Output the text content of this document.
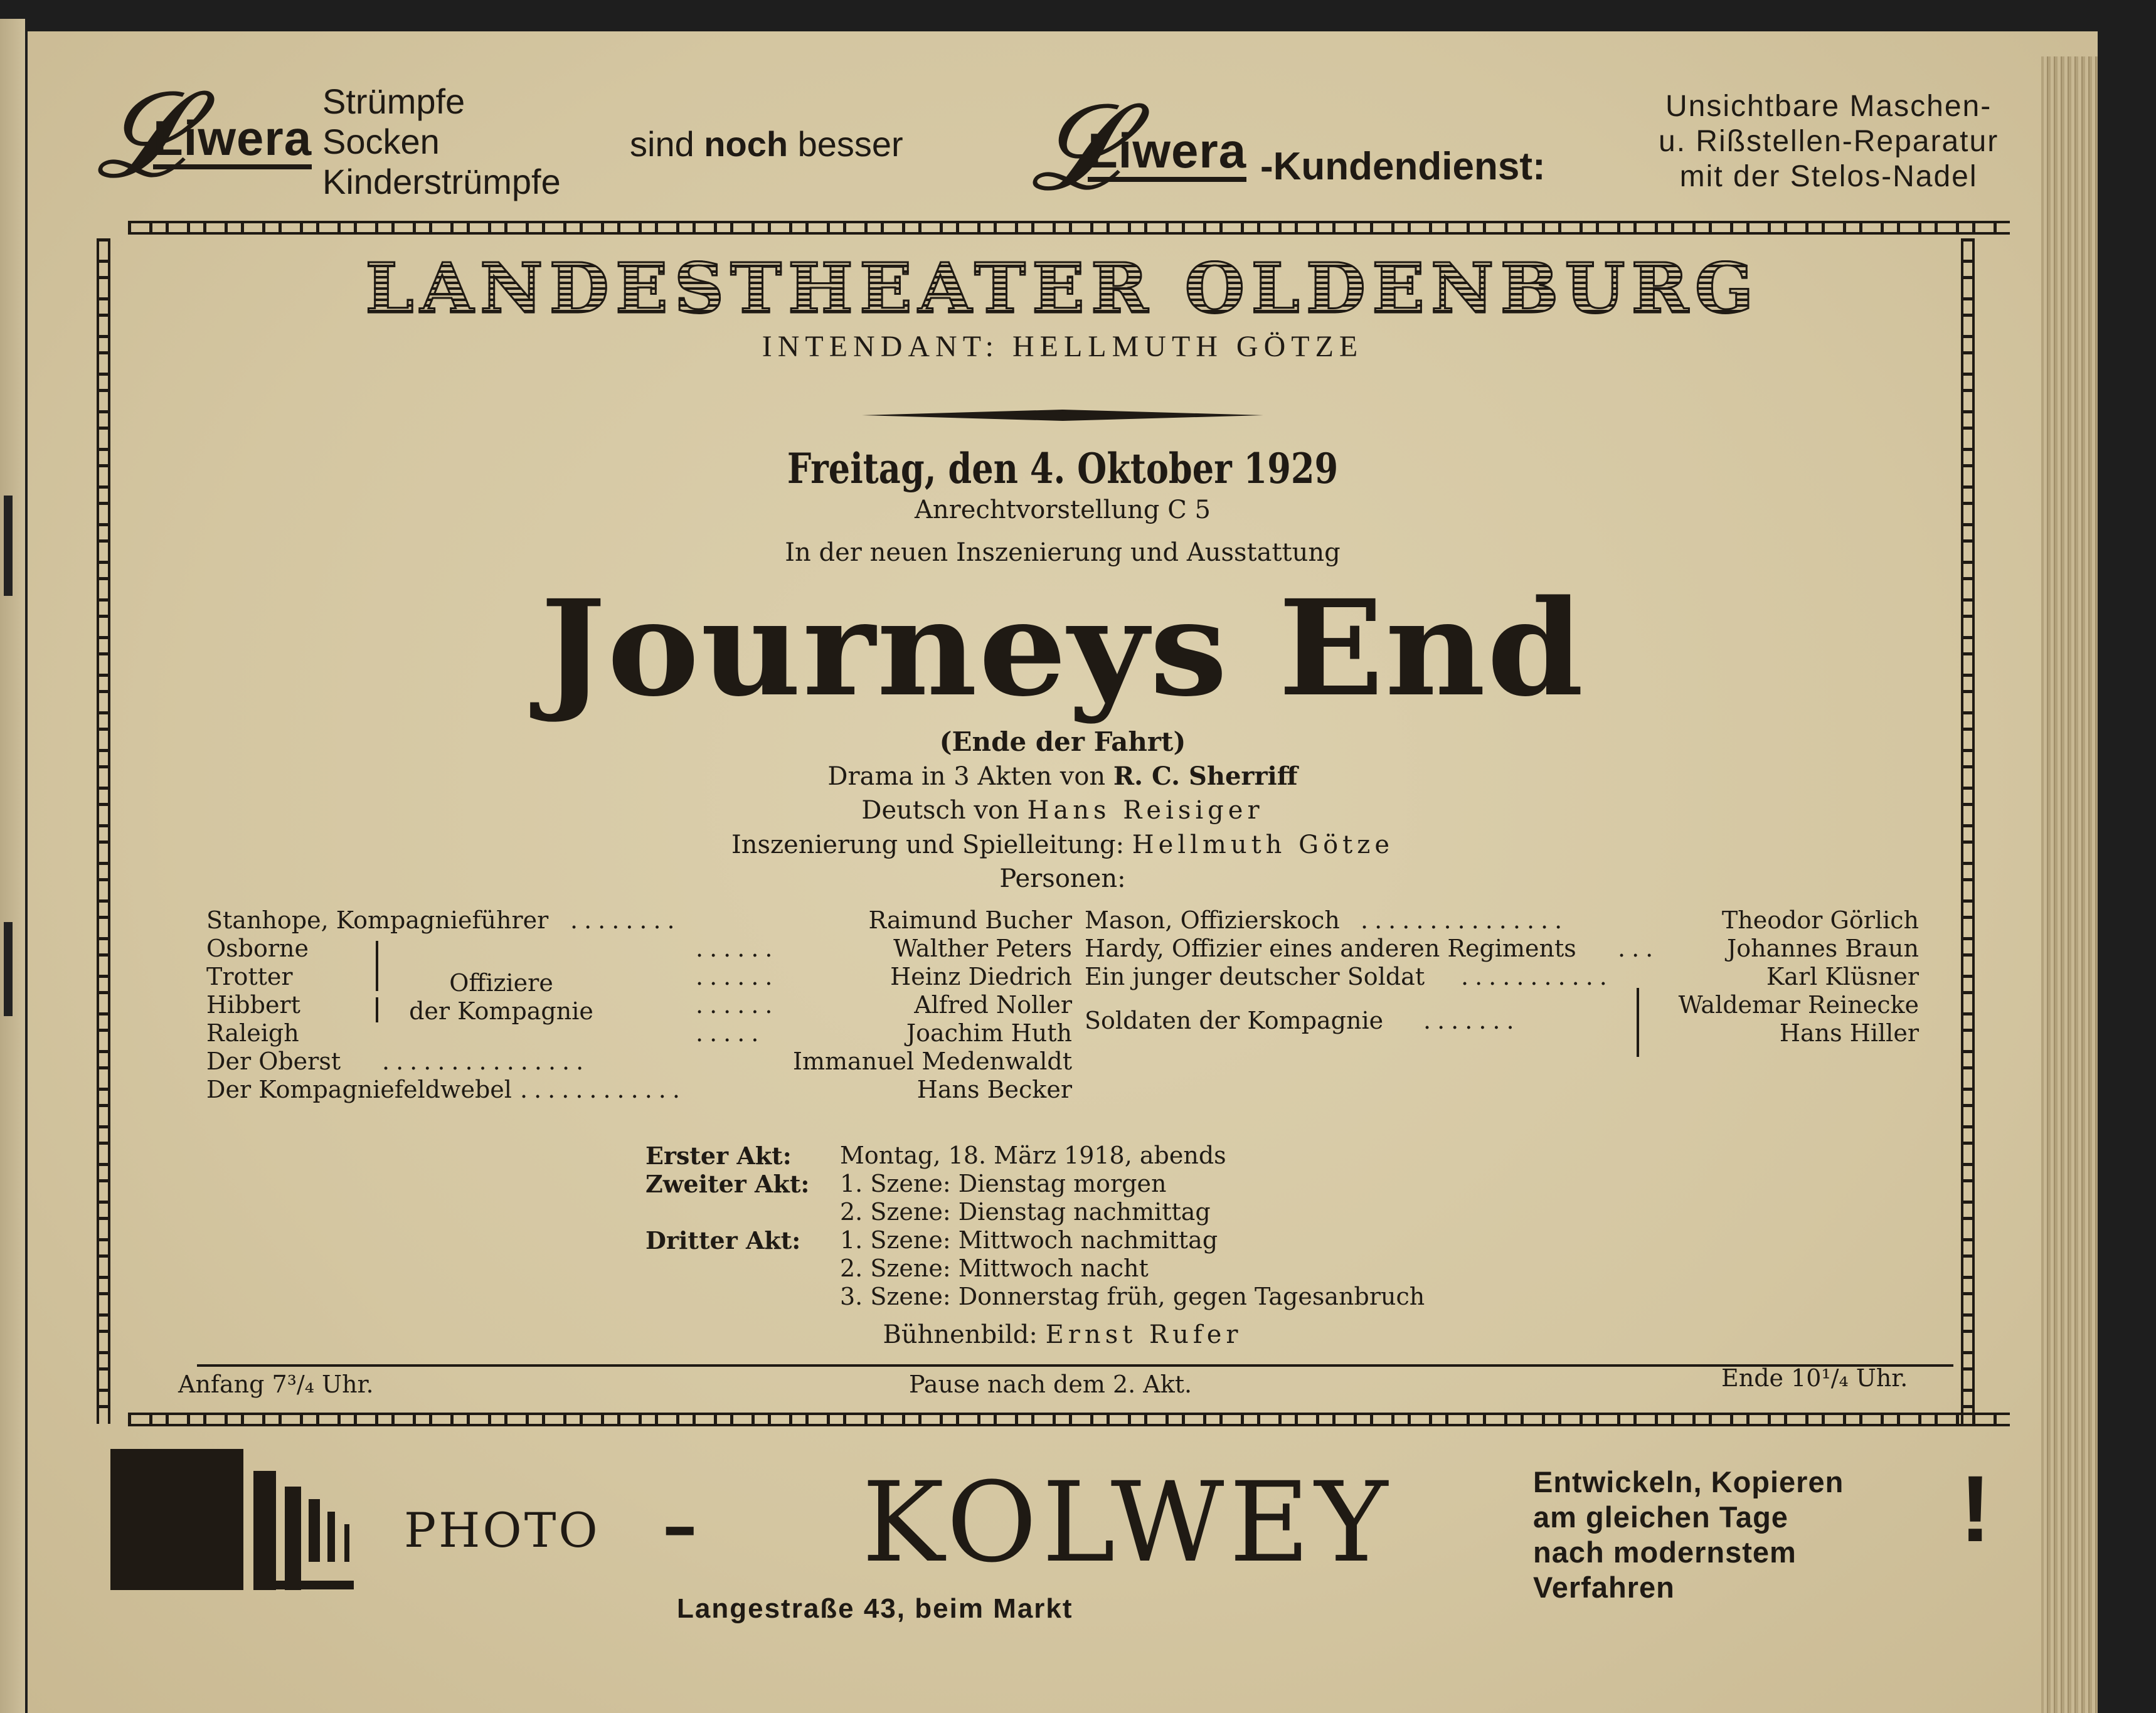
𝓛
Liwera
Strümpfe
Socken
Kinderstrümpfe
sind noch besser 𝓛
Liwera -Kundendienst:
Unsichtbare Maschen-
u. Rißstellen-Reparatur
mit der Stelos-Nadel
LANDESTHEATER OLDENBURG
INTENDANT: HELLMUTH GÖTZE
Freitag, den 4. Oktober 1929
Anrechtvorstellung C 5
In der neuen Inszenierung und Ausstattung
Journeys End
(Ende der Fahrt)
Drama in 3 Akten von R. C. Sherriff
Deutsch von Hans Reisiger
Inszenierung und Spielleitung: Hellmuth Götze
Personen:
Stanhope, Kompagnieführer ........	Raimund Bucher
Osborne	......	Walther Peters
Trotter	......	Heinz Diedrich
Hibbert	......	Alfred Noller
Raleigh	.....	Joachim Huth
Der Oberst ...............	Immanuel Medenwaldt
Der Kompagniefeldwebel ............	Hans Becker
Offiziere
der Kompagnie
Mason, Offizierskoch ...............	Theodor Görlich
Hardy, Offizier eines anderen Regiments ...	Johannes Braun
Ein junger deutscher Soldat ...........	Karl Klüsner
Soldaten der Kompagnie .......
Waldemar Reinecke
Hans Hiller
Erster Akt: Montag, 18. März 1918, abends
Zweiter Akt: 1. Szene: Dienstag morgen
2. Szene: Dienstag nachmittag
Dritter Akt: 1. Szene: Mittwoch nachmittag
2. Szene: Mittwoch nacht
3. Szene: Donnerstag früh, gegen Tagesanbruch
Bühnenbild: Ernst Rufer
Anfang 7³/₄ Uhr.	Pause nach dem 2. Akt.	Ende 10¹/₄ Uhr.
PHOTO - KOLWEY
Langestraße 43, beim Markt
Entwickeln, Kopieren
am gleichen Tage
nach modernstem
Verfahren
!
